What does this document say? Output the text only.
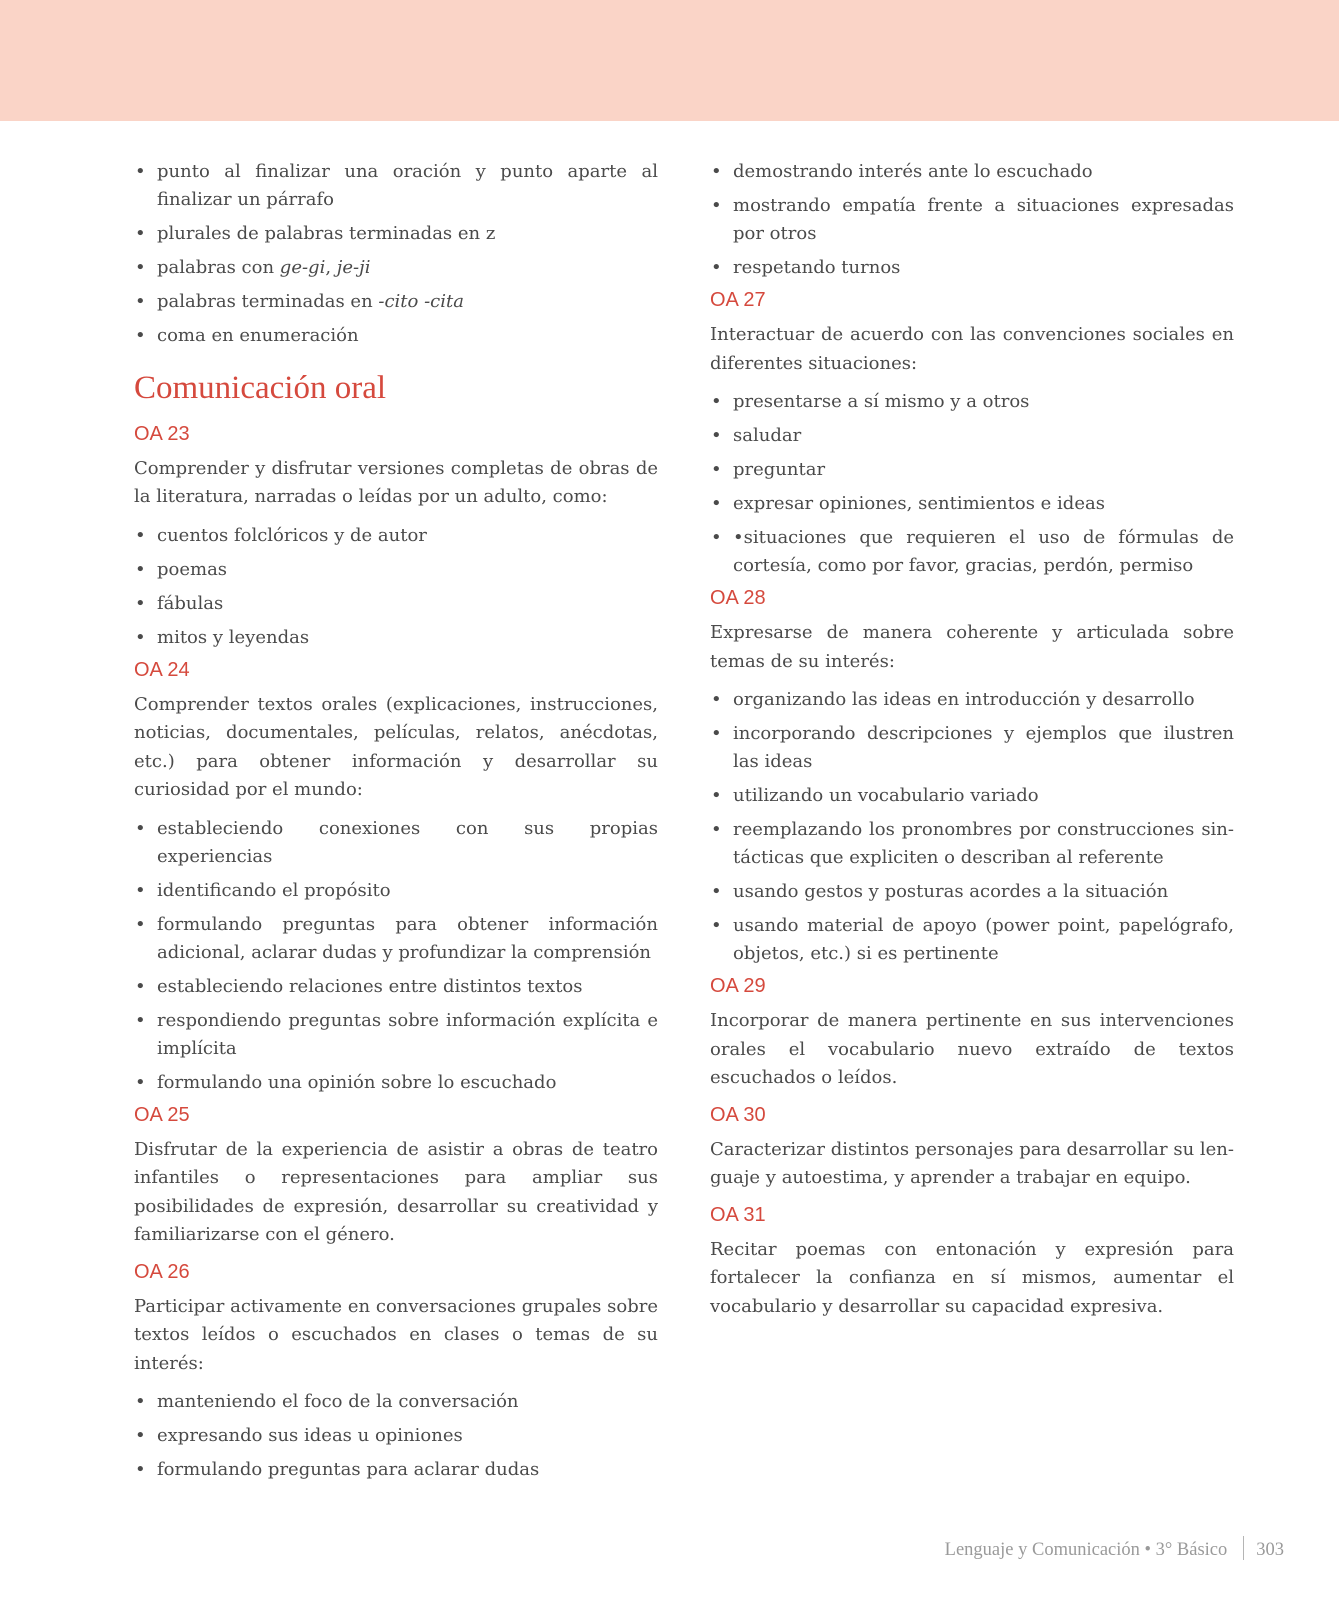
• punto al finalizar una oración y punto aparte al finalizar un párrafo
• plurales de palabras terminadas en z
• palabras con ge-gi, je-ji
• palabras terminadas en -cito -cita
• coma en enumeración
Comunicación oral
OA 23

Comprender y disfrutar versiones completas de obras de la literatura, narradas o leídas por un adulto, como:

• cuentos folclóricos y de autor
• poemas
• fábulas
• mitos y leyendas
OA 24

Comprender textos orales (explicaciones, instrucciones, noticias, documentales, películas, relatos, anécdotas, etc.) para obtener información y desarrollar su curiosidad por el mundo:

• estableciendo conexiones con sus propias experiencias
• identificando el propósito
• formulando preguntas para obtener información adicional, aclarar dudas y profundizar la comprensión
• estableciendo relaciones entre distintos textos
• respondiendo preguntas sobre información explícita e implícita
• formulando una opinión sobre lo escuchado
OA 25

Disfrutar de la experiencia de asistir a obras de teatro infantiles o representaciones para ampliar sus posibilidades de expresión, desarrollar su creatividad y familiarizarse con el género.

OA 26

Participar activamente en conversaciones grupales sobre textos leídos o escuchados en clases o temas de su interés:

• manteniendo el foco de la conversación
• expresando sus ideas u opiniones
• formulando preguntas para aclarar dudas
• demostrando interés ante lo escuchado
• mostrando empatía frente a situaciones expresadas por otros
• respetando turnos
OA 27

Interactuar de acuerdo con las convenciones sociales en diferentes situaciones:

• presentarse a sí mismo y a otros
• saludar
• preguntar
• expresar opiniones, sentimientos e ideas
• •situaciones que requieren el uso de fórmulas de cortesía, como por favor, gracias, perdón, permiso
OA 28

Expresarse de manera coherente y articulada sobre temas de su interés:

• organizando las ideas en introducción y desarrollo
• incorporando descripciones y ejemplos que ilustren las ideas
• utilizando un vocabulario variado
• reemplazando los pronombres por construcciones sintácticas que expliciten o describan al referente
• usando gestos y posturas acordes a la situación
• usando material de apoyo (power point, papelógrafo, objetos, etc.) si es pertinente
OA 29

Incorporar de manera pertinente en sus intervenciones orales el vocabulario nuevo extraído de textos escuchados o leídos.

OA 30

Caracterizar distintos personajes para desarrollar su lenguaje y autoestima, y aprender a trabajar en equipo.

OA 31

Recitar poemas con entonación y expresión para fortalecer la confianza en sí mismos, aumentar el vocabulario y desarrollar su capacidad expresiva.

Lenguaje y Comunicación • 3° Básico 303
